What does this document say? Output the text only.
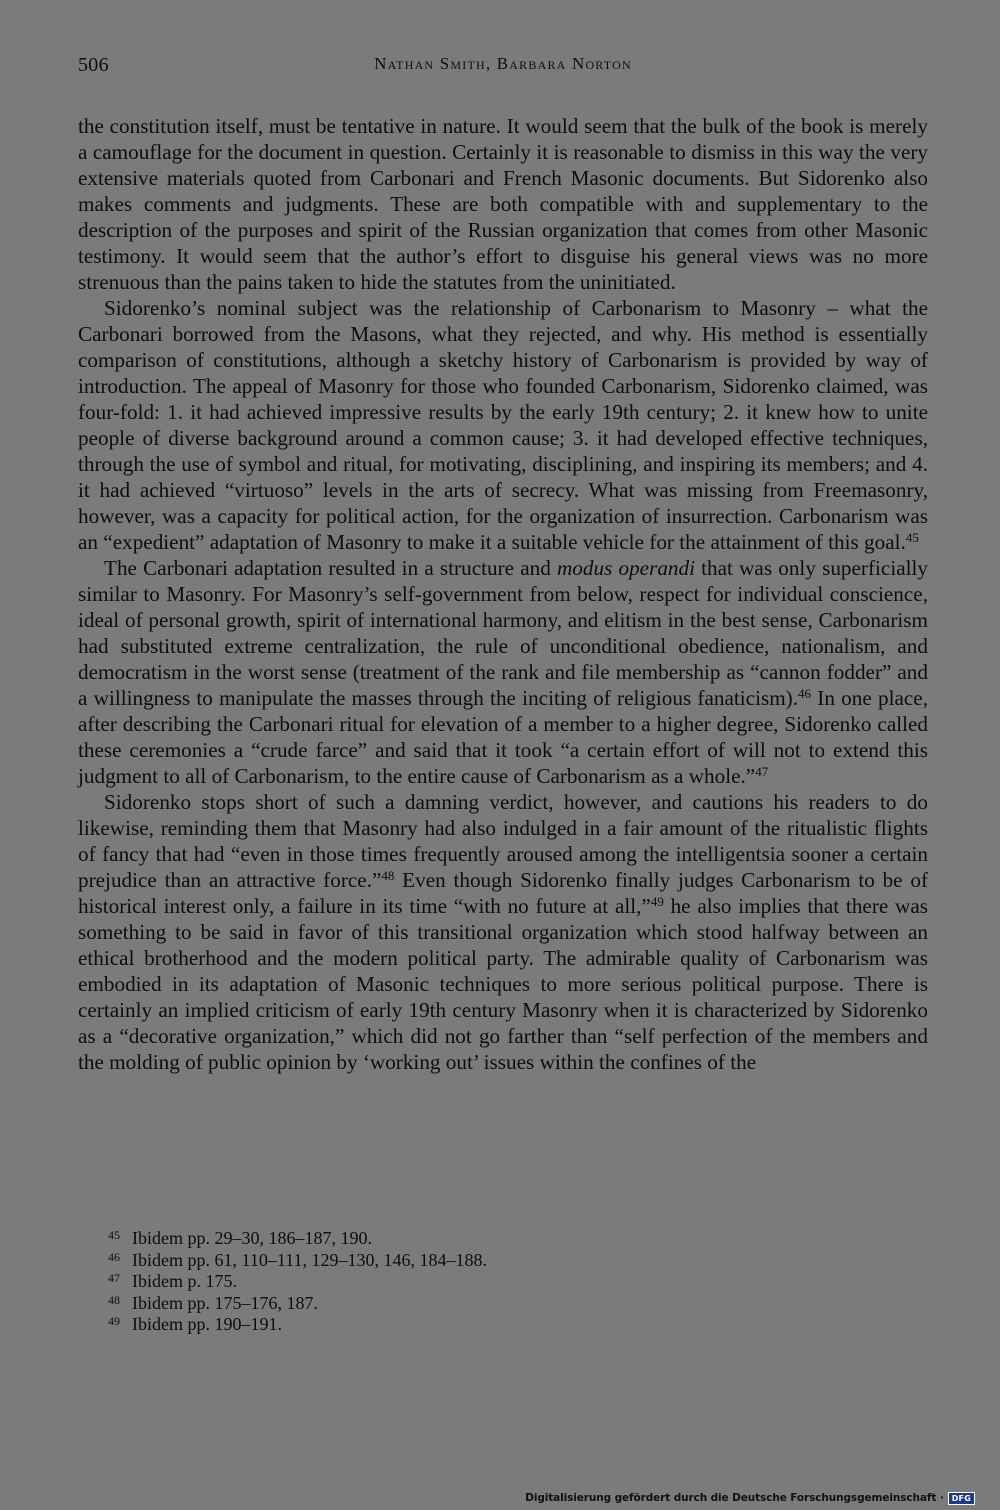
506	Nathan Smith, Barbara Norton

the constitution itself, must be tentative in nature. It would seem that the bulk of the book is merely a camouflage for the document in question. Certainly it is reasonable to dismiss in this way the very extensive materials quoted from Carbonari and French Masonic documents. But Sidorenko also makes comments and judgments. These are both compatible with and supplementary to the description of the purposes and spirit of the Russian organization that comes from other Masonic testimony. It would seem that the author’s effort to disguise his general views was no more strenuous than the pains taken to hide the statutes from the uninitiated.

Sidorenko’s nominal subject was the relationship of Carbonarism to Masonry – what the Carbonari borrowed from the Masons, what they rejected, and why. His method is essentially comparison of constitutions, although a sketchy history of Carbonarism is provided by way of introduction. The appeal of Masonry for those who founded Carbonarism, Sidorenko claimed, was four-fold: 1. it had achieved impressive results by the early 19th century; 2. it knew how to unite people of diverse background around a common cause; 3. it had developed effective techniques, through the use of symbol and ritual, for motivating, disciplining, and inspiring its members; and 4. it had achieved “virtuoso” levels in the arts of secrecy. What was missing from Freemasonry, however, was a capacity for political action, for the organization of insurrection. Carbonarism was an “expedient” adaptation of Masonry to make it a suitable vehicle for the attainment of this goal.$^{45}$

The Carbonari adaptation resulted in a structure and modus operandi that was only superficially similar to Masonry. For Masonry’s self-government from below, respect for individual conscience, ideal of personal growth, spirit of international harmony, and elitism in the best sense, Carbonarism had substituted extreme centralization, the rule of unconditional obedience, nationalism, and democratism in the worst sense (treatment of the rank and file membership as “cannon fodder” and a willingness to manipulate the masses through the inciting of religious fanaticism).$^{46}$ In one place, after describing the Carbonari ritual for elevation of a member to a higher degree, Sidorenko called these ceremonies a “crude farce” and said that it took “a certain effort of will not to extend this judgment to all of Carbonarism, to the entire cause of Carbonarism as a whole.”$^{47}$

Sidorenko stops short of such a damning verdict, however, and cautions his readers to do likewise, reminding them that Masonry had also indulged in a fair amount of the ritualistic flights of fancy that had “even in those times frequently aroused among the intelligentsia sooner a certain prejudice than an attractive force.”$^{48}$ Even though Sidorenko finally judges Carbonarism to be of historical interest only, a failure in its time “with no future at all,”$^{49}$ he also implies that there was something to be said in favor of this transitional organization which stood halfway between an ethical brotherhood and the modern political party. The admirable quality of Carbonarism was embodied in its adaptation of Masonic techniques to more serious political purpose. There is certainly an implied criticism of early 19th century Masonry when it is characterized by Sidorenko as a “decorative organization,” which did not go farther than “self perfection of the members and the molding of public opinion by ‘working out’ issues within the confines of the

45 Ibidem pp. 29–30, 186–187, 190.
46 Ibidem pp. 61, 110–111, 129–130, 146, 184–188.
47 Ibidem p. 175.
48 Ibidem pp. 175–176, 187.
49 Ibidem pp. 190–191.
Digitalisierung gefördert durch die Deutsche Forschungsgemeinschaft ·	DFG
